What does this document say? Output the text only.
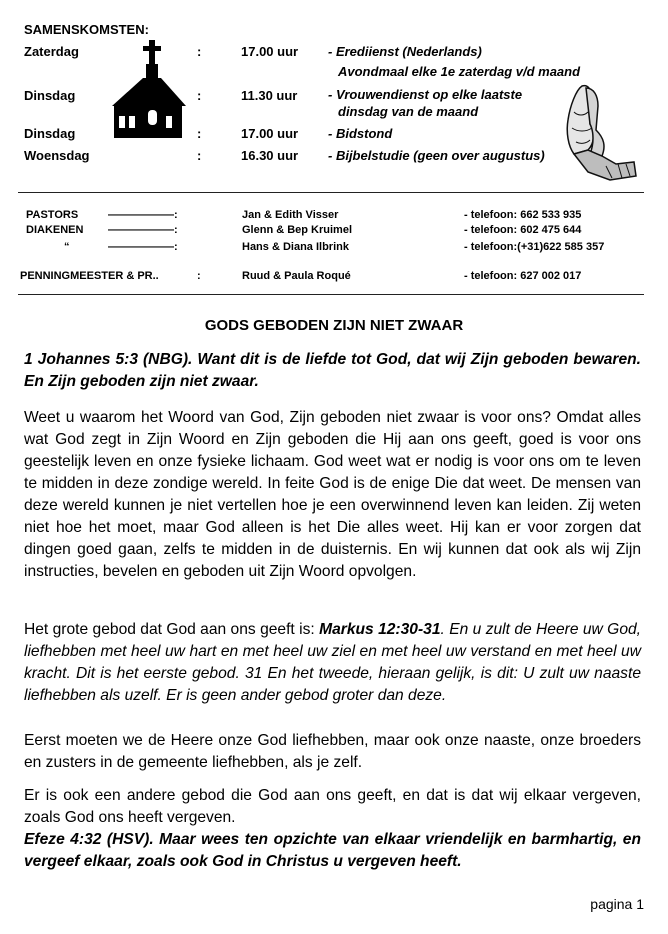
SAMENSKOMSTEN:
Zaterdag	:	17.00 uur - Erediienst (Nederlands)
Avondmaal elke 1e zaterdag v/d maand
Dinsdag	:	11.30 uur - Vrouwendienst op elke laatste
dinsdag van de maand
Dinsdag	:	17.00 uur - Bidstond
Woensdag	:	16.30 uur - Bijbelstudie (geen over augustus)
PASTORS	——————:	Jan & Edith Visser	- telefoon: 662 533 935
DIAKENEN ——————:	Glenn & Bep Kruimel	- telefoon: 602 475 644
“	——————:	Hans & Diana Ilbrink	- telefoon:(+31)622 585 357
PENNINGMEESTER & PR..	:	Ruud & Paula Roqué	- telefoon: 627 002 017
GODS GEBODEN ZIJN NIET ZWAAR
1 Johannes 5:3 (NBG). Want dit is de liefde tot God, dat wij Zijn geboden bewaren. En Zijn geboden zijn niet zwaar.
Weet u waarom het Woord van God, Zijn geboden niet zwaar is voor ons? Omdat alles wat God zegt in Zijn Woord en Zijn geboden die Hij aan ons geeft, goed is voor ons geestelijk leven en onze fysieke lichaam. God weet wat er nodig is voor ons om te leven te midden in deze zondige wereld. In feite God is de enige Die dat weet. De mensen van deze wereld kunnen je niet vertellen hoe je een overwinnend leven kan leiden. Zij weten niet hoe het moet, maar God alleen is het Die alles weet. Hij kan er voor zorgen dat dingen goed gaan, zelfs te midden in de duisternis. En wij kunnen dat ook als wij Zijn instructies, bevelen en geboden uit Zijn Woord opvolgen.
Het grote gebod dat God aan ons geeft is: Markus 12:30-31. En u zult de Heere uw God, liefhebben met heel uw hart en met heel uw ziel en met heel uw verstand en met heel uw kracht. Dit is het eerste gebod. 31 En het tweede, hieraan gelijk, is dit: U zult uw naaste liefhebben als uzelf. Er is geen ander gebod groter dan deze.
Eerst moeten we de Heere onze God liefhebben, maar ook onze naaste, onze broeders en zusters in de gemeente liefhebben, als je zelf.
Er is ook een andere gebod die God aan ons geeft, en dat is dat wij elkaar vergeven, zoals God ons heeft vergeven.
Efeze 4:32 (HSV). Maar wees ten opzichte van elkaar vriendelijk en barmhartig, en vergeef elkaar, zoals ook God in Christus u vergeven heeft.
pagina 1
